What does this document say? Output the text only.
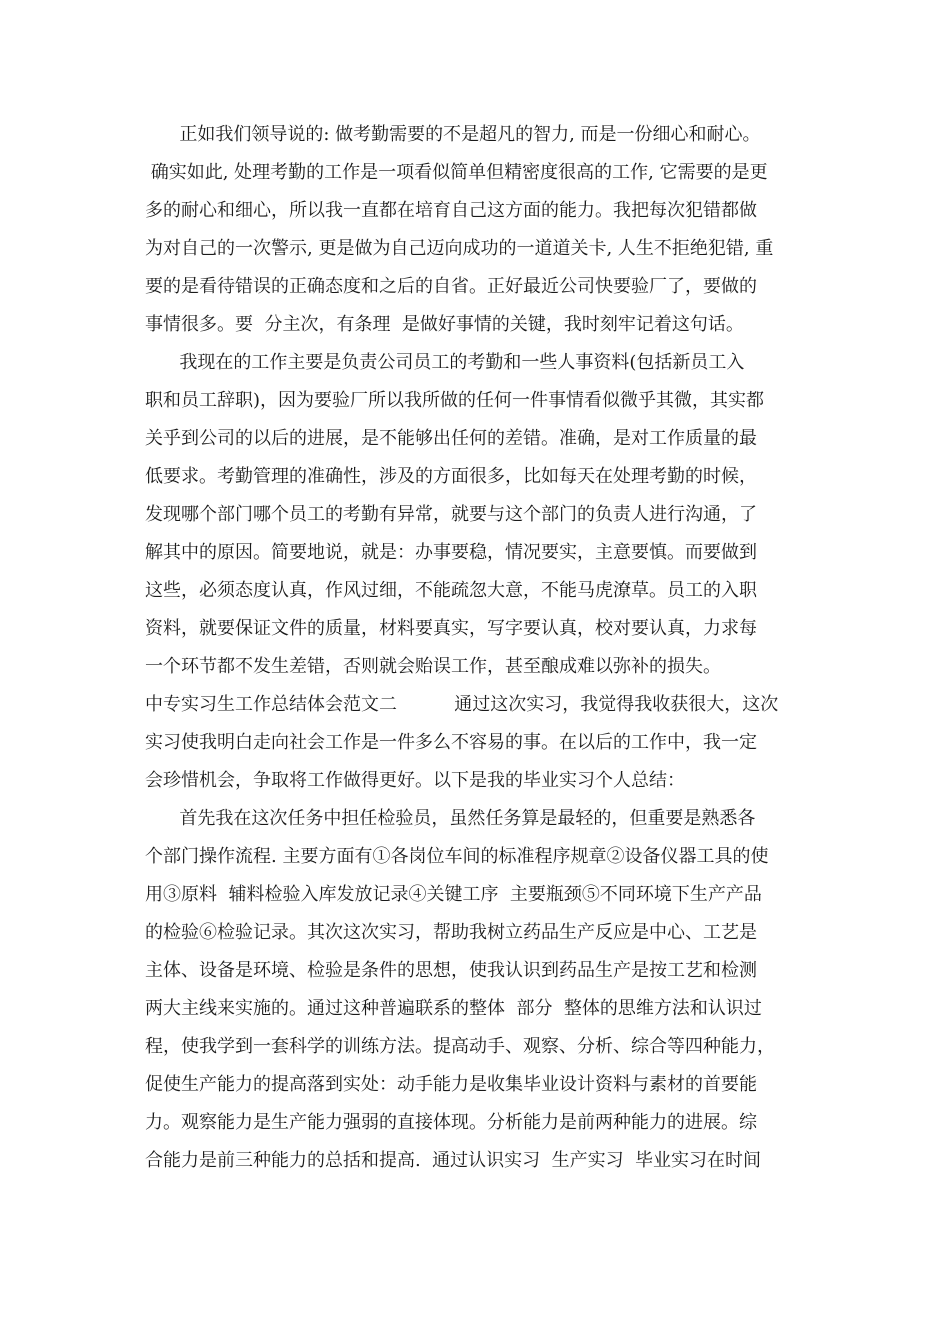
正如我们领导说的: 做考勤需要的不是超凡的智力, 而是一份细心和耐心。
确实如此, 处理考勤的工作是一项看似简单但精密度很高的工作, 它需要的是更
多的耐心和细心，所以我一直都在培育自己这方面的能力。我把每次犯错都做
为对自己的一次警示, 更是做为自己迈向成功的一道道关卡, 人生不拒绝犯错, 重
要的是看待错误的正确态度和之后的自省。正好最近公司快要验厂了，要做的
事情很多。要  分主次，有条理  是做好事情的关键，我时刻牢记着这句话。
我现在的工作主要是负责公司员工的考勤和一些人事资料(包括新员工入
职和员工辞职)，因为要验厂所以我所做的任何一件事情看似微乎其微，其实都
关乎到公司的以后的进展，是不能够出任何的差错。准确，是对工作质量的最
低要求。考勤管理的准确性，涉及的方面很多，比如每天在处理考勤的时候，
发现哪个部门哪个员工的考勤有异常，就要与这个部门的负责人进行沟通，了
解其中的原因。简要地说，就是：办事要稳，情况要实，主意要慎。而要做到
这些，必须态度认真，作风过细，不能疏忽大意，不能马虎潦草。员工的入职
资料，就要保证文件的质量，材料要真实，写字要认真，校对要认真，力求每
一个环节都不发生差错，否则就会贻误工作，甚至酿成难以弥补的损失。
中专实习生工作总结体会范文二          通过这次实习，我觉得我收获很大，这次
实习使我明白走向社会工作是一件多么不容易的事。在以后的工作中，我一定
会珍惜机会，争取将工作做得更好。以下是我的毕业实习个人总结：
首先我在这次任务中担任检验员，虽然任务算是最轻的，但重要是熟悉各
个部门操作流程. 主要方面有①各岗位车间的标准程序规章②设备仪器工具的使
用③原料  辅料检验入库发放记录④关键工序  主要瓶颈⑤不同环境下生产产品
的检验⑥检验记录。其次这次实习，帮助我树立药品生产反应是中心、工艺是
主体、设备是环境、检验是条件的思想，使我认识到药品生产是按工艺和检测
两大主线来实施的。通过这种普遍联系的整体  部分  整体的思维方法和认识过
程，使我学到一套科学的训练方法。提高动手、观察、分析、综合等四种能力，
促使生产能力的提高落到实处：动手能力是收集毕业设计资料与素材的首要能
力。观察能力是生产能力强弱的直接体现。分析能力是前两种能力的进展。综
合能力是前三种能力的总括和提高.  通过认识实习  生产实习  毕业实习在时间
